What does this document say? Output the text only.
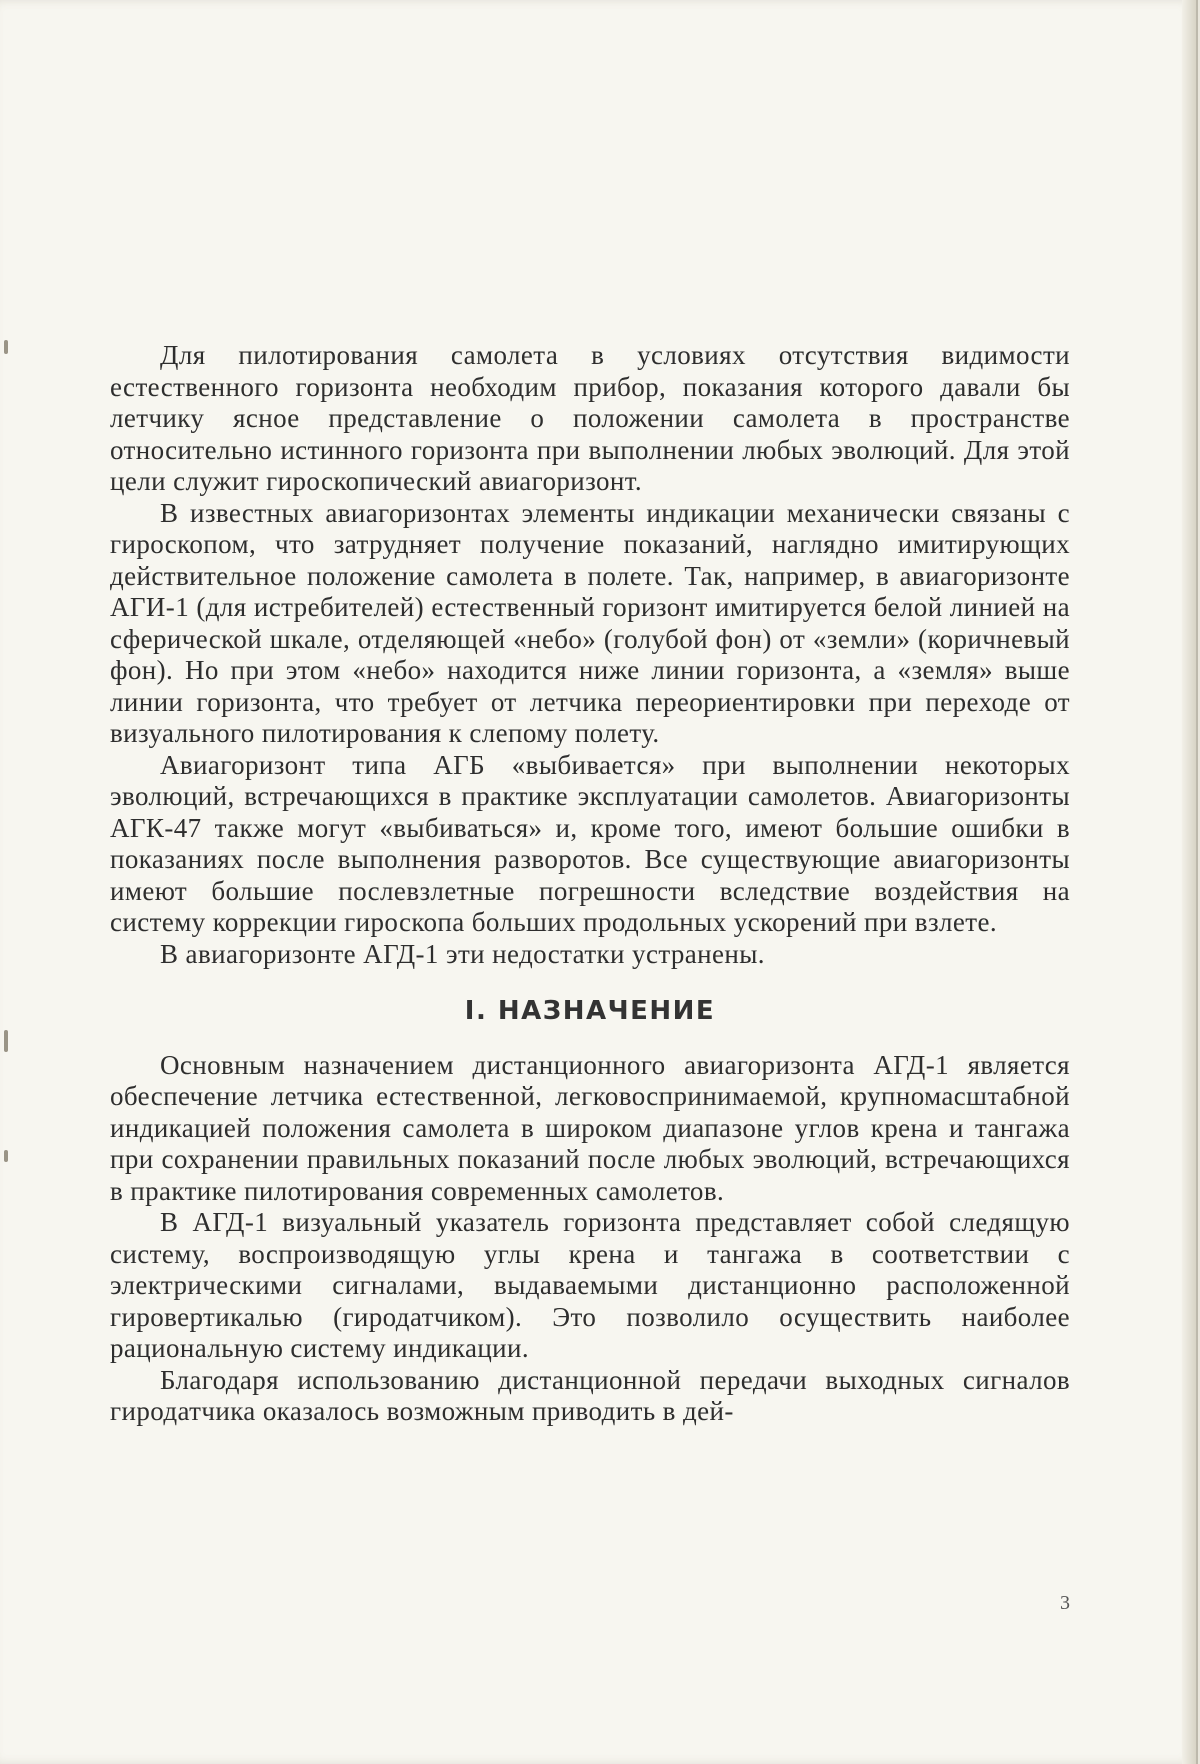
Для пилотирования самолета в условиях отсутствия видимости естественного горизонта необходим прибор, показания которого давали бы летчику ясное представление о положении самолета в пространстве относительно истинного горизонта при выполнении любых эволюций. Для этой цели служит гироскопический авиагоризонт.

В известных авиагоризонтах элементы индикации механически связаны с гироскопом, что затрудняет получение показаний, наглядно имитирующих действительное положение самолета в полете. Так, например, в авиагоризонте АГИ-1 (для истребителей) естественный горизонт имитируется белой линией на сферической шкале, отделяющей «небо» (голубой фон) от «земли» (коричневый фон). Но при этом «небо» находится ниже линии горизонта, а «земля» выше линии горизонта, что требует от летчика переориентировки при переходе от визуального пилотирования к слепому полету.

Авиагоризонт типа АГБ «выбивается» при выполнении некоторых эволюций, встречающихся в практике эксплуатации самолетов. Авиагоризонты АГК-47 также могут «выбиваться» и, кроме того, имеют большие ошибки в показаниях после выполнения разворотов. Все существующие авиагоризонты имеют большие послевзлетные погрешности вследствие воздействия на систему коррекции гироскопа больших продольных ускорений при взлете.

В авиагоризонте АГД-1 эти недостатки устранены.

I. НАЗНАЧЕНИЕ

Основным назначением дистанционного авиагоризонта АГД-1 является обеспечение летчика естественной, легковоспринимаемой, крупномасштабной индикацией положения самолета в широком диапазоне углов крена и тангажа при сохранении правильных показаний после любых эволюций, встречающихся в практике пилотирования современных самолетов.

В АГД-1 визуальный указатель горизонта представляет собой следящую систему, воспроизводящую углы крена и тангажа в соответствии с электрическими сигналами, выдаваемыми дистанционно расположенной гировертикалью (гиродатчиком). Это позволило осуществить наиболее рациональную систему индикации.

Благодаря использованию дистанционной передачи выходных сигналов гиродатчика оказалось возможным приводить в дей-

3
